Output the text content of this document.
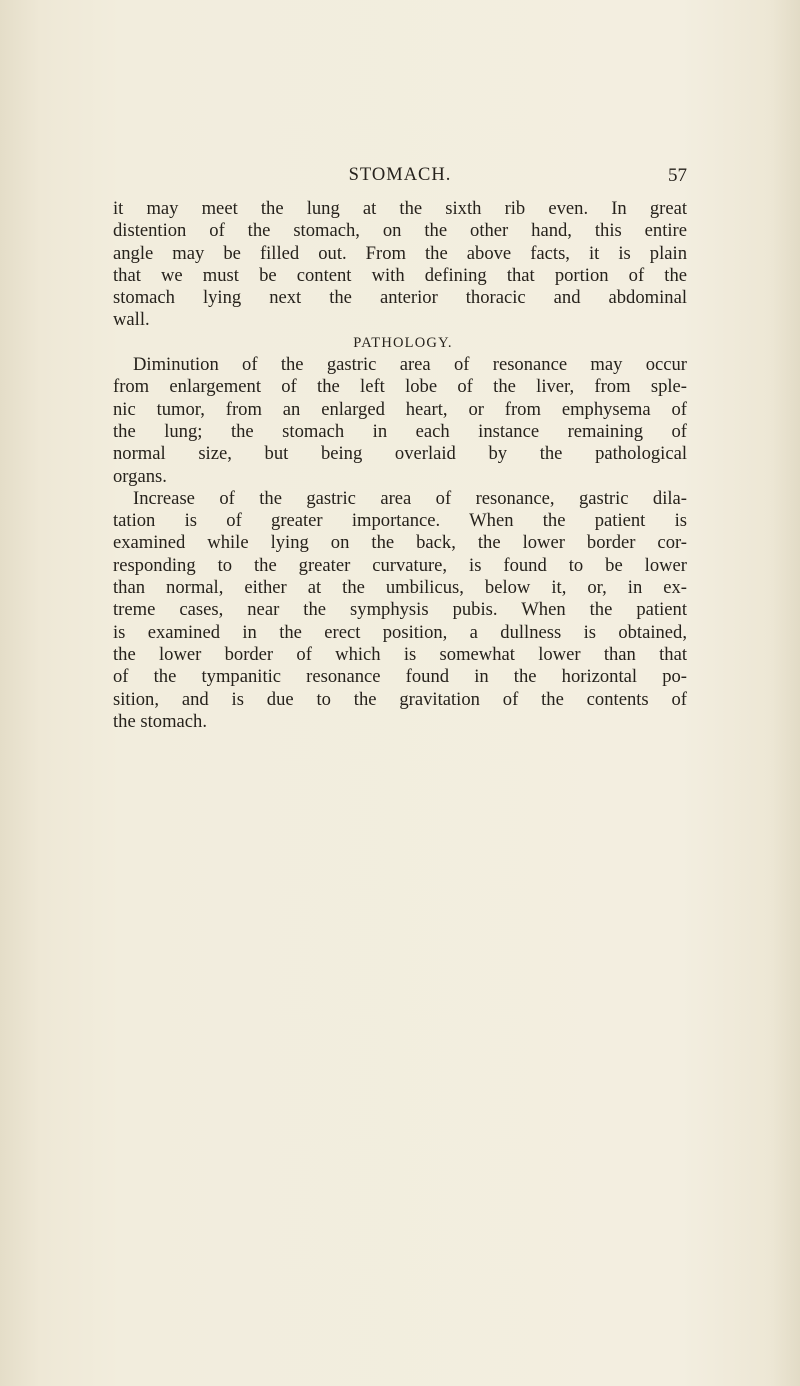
STOMACH.	57
it may meet the lung at the sixth rib even. In great
distention of the stomach, on the other hand, this entire
angle may be filled out. From the above facts, it is plain
that we must be content with defining that portion of the
stomach lying next the anterior thoracic and abdominal
wall.
PATHOLOGY.
Diminution of the gastric area of resonance may occur
from enlargement of the left lobe of the liver, from sple-
nic tumor, from an enlarged heart, or from emphysema of
the lung; the stomach in each instance remaining of
normal size, but being overlaid by the pathological
organs.
Increase of the gastric area of resonance, gastric dila-
tation is of greater importance. When the patient is
examined while lying on the back, the lower border cor-
responding to the greater curvature, is found to be lower
than normal, either at the umbilicus, below it, or, in ex-
treme cases, near the symphysis pubis. When the patient
is examined in the erect position, a dullness is obtained,
the lower border of which is somewhat lower than that
of the tympanitic resonance found in the horizontal po-
sition, and is due to the gravitation of the contents of
the stomach.
